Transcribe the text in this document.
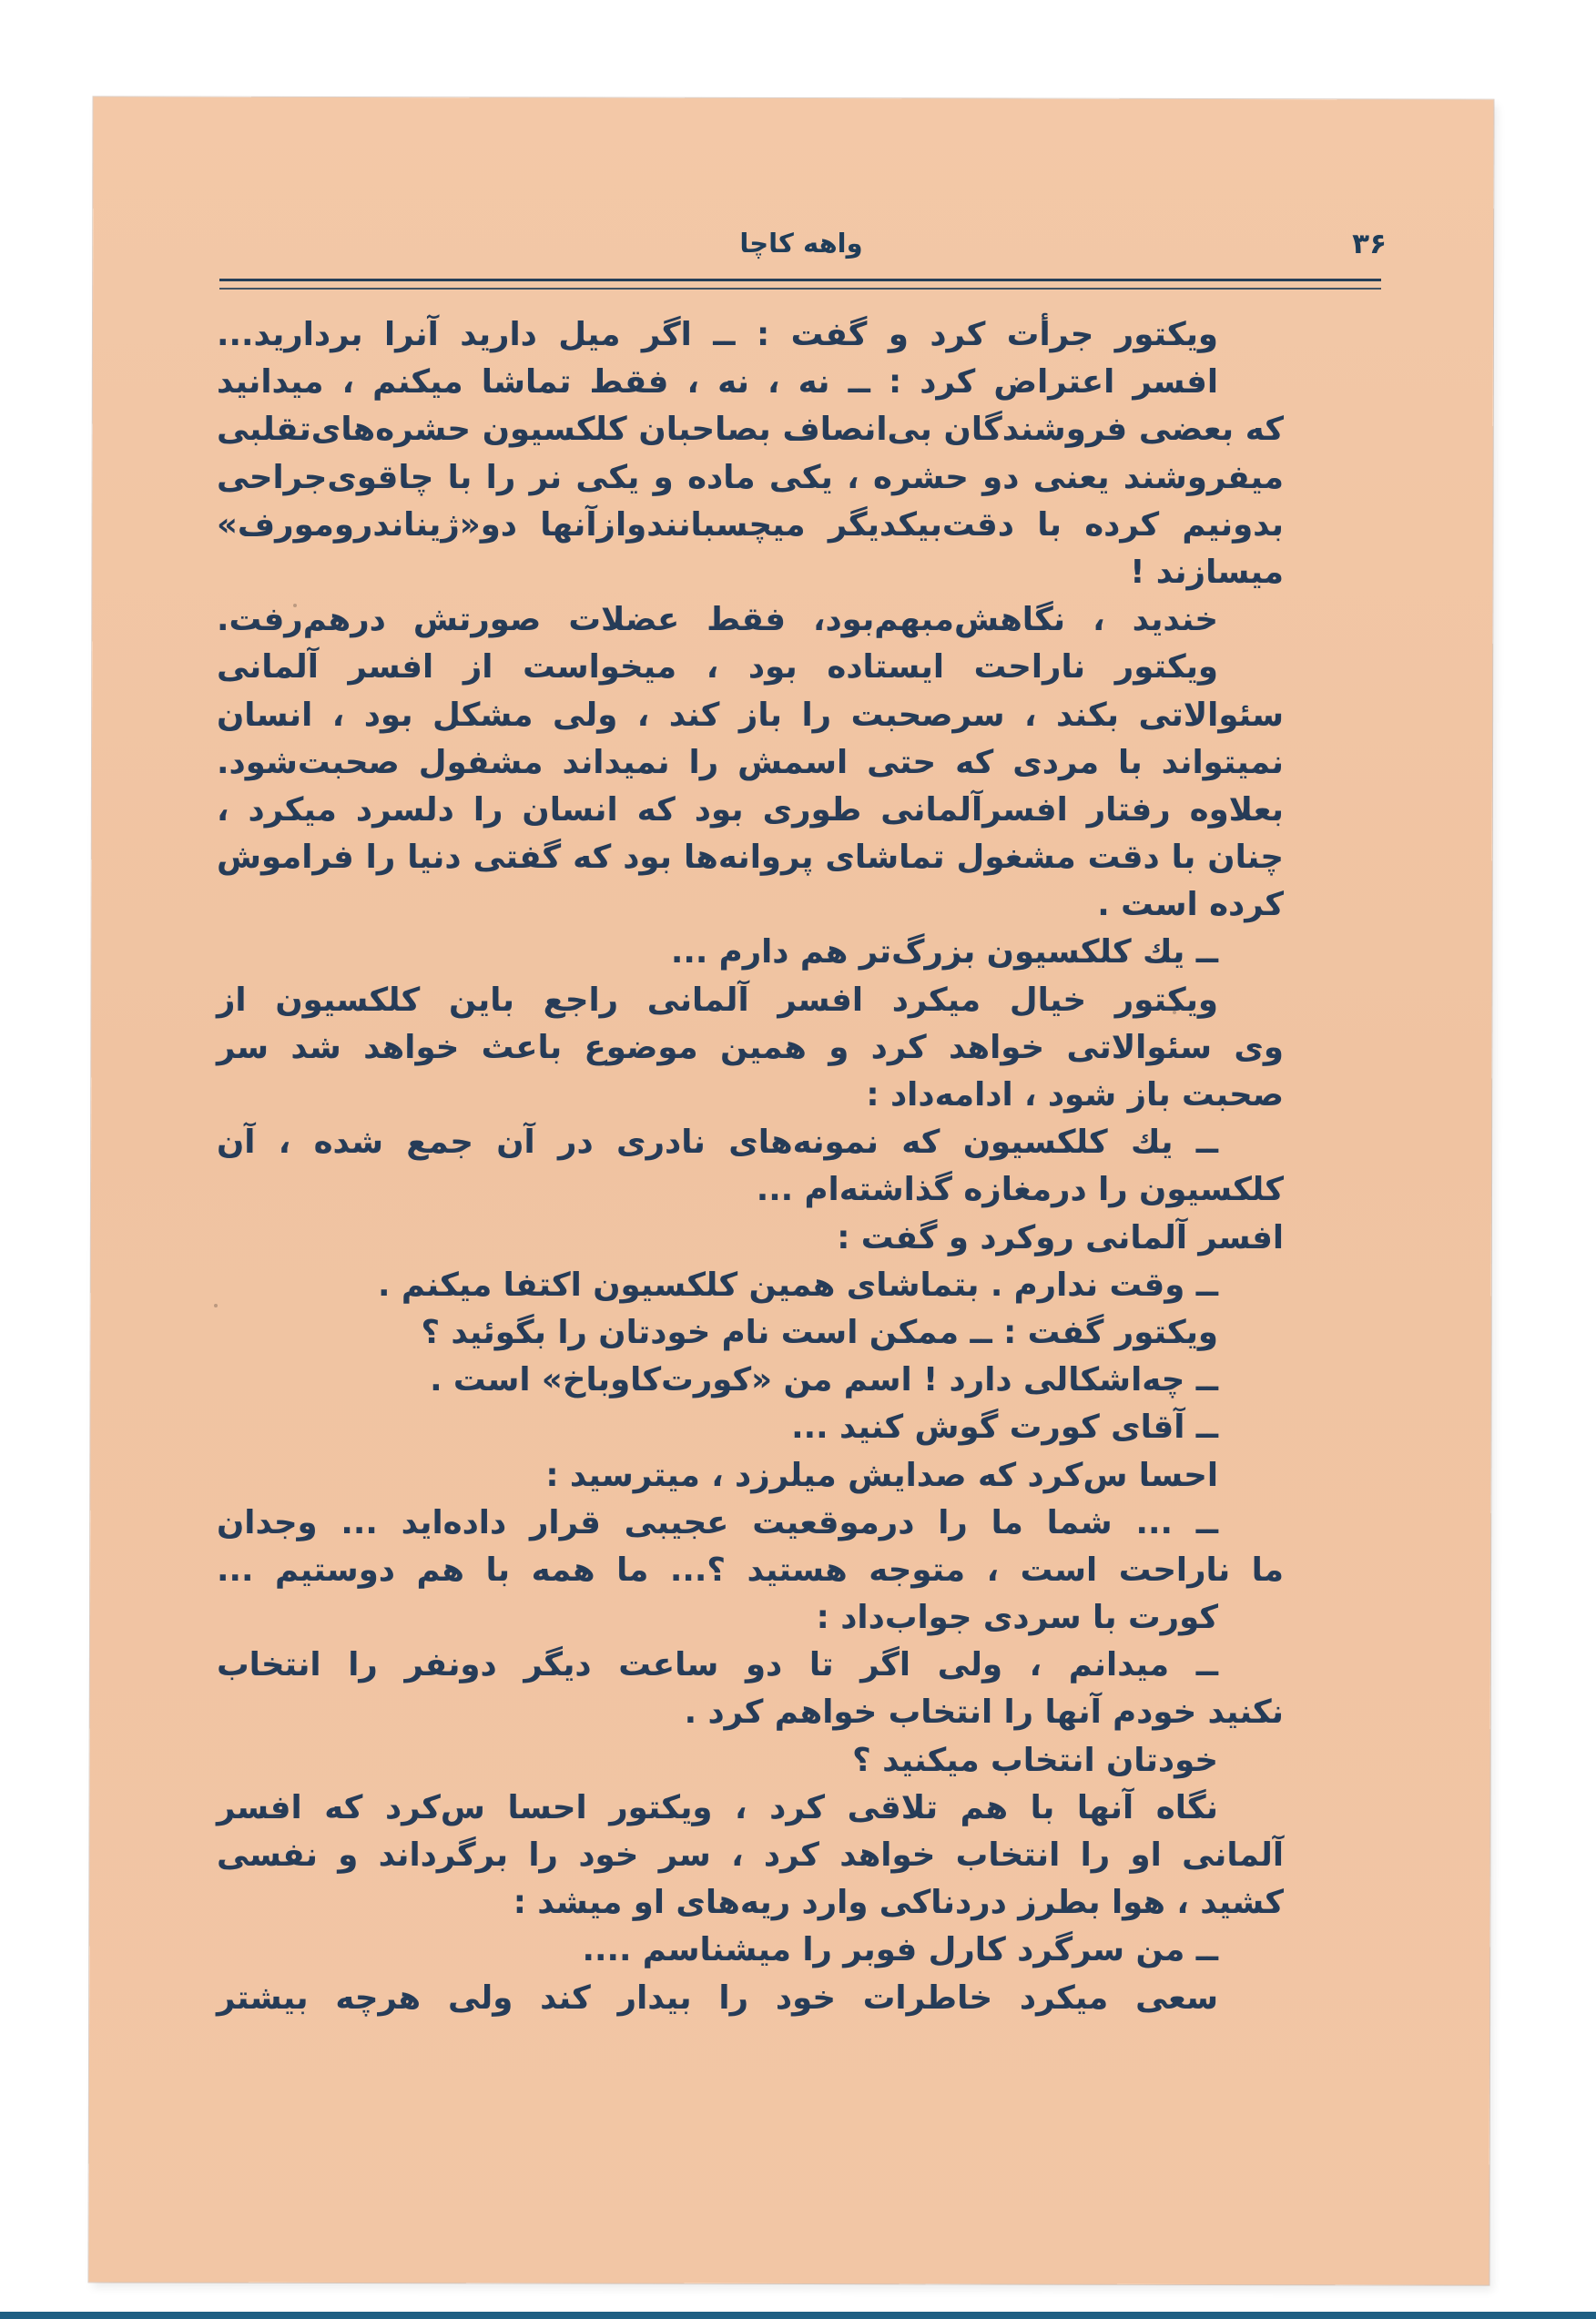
۳۶
واهه کاچا
ویکتور جرأت کرد و گفت : ــ اگر میل دارید آنرا بردارید...
افسر اعتراض کرد : ــ نه ، نه ، فقط تماشا میکنم ، میدانید
که بعضی فروشندگان بی‌انصاف بصاحبان کلکسیون حشره‌های‌تقلبی
میفروشند یعنی دو حشره ، یکی ماده و یکی نر را با چاقوی‌جراحی
بدونیم کرده با دقت‌بیکدیگر میچسبانندوازآنها دو«ژیناندرومورف»
میسازند !
خندید ، نگاهش‌مبهم‌بود، فقط عضلات صورتش درهم‌رفت.
ویکتور ناراحت ایستاده بود ، میخواست از افسر آلمانی
سئوالاتی بکند ، سرصحبت را باز کند ، ولی مشکل بود ، انسان
نمیتواند با مردی که حتی اسمش را نمیداند مشفول صحبت‌شود.
بعلاوه رفتار افسرآلمانی طوری بود که انسان را دلسرد میکرد ،
چنان با دقت مشغول تماشای پروانه‌ها بود که گفتی دنیا را فراموش
کرده است .
ــ یك کلکسیون بزرگ‌تر هم دارم ...
ویکتور خیال میکرد افسر آلمانی راجع باین کلکسیون از
وی سئوالاتی خواهد کرد و همین موضوع باعث خواهد شد سر
صحبت باز شود ، ادامه‌داد :
ــ یك کلکسیون که نمونه‌های نادری در آن جمع شده ، آن
کلکسیون را درمغازه گذاشته‌ام ...
افسر آلمانی روکرد و گفت :
ــ وقت ندارم . بتماشای همین کلکسیون اکتفا میکنم .
ویکتور گفت : ــ ممکن است نام خودتان را بگوئید ؟
ــ چه‌اشکالی دارد ! اسم من «کورت‌کاوباخ» است .
ــ آقای کورت گوش کنید ...
احسا س‌کرد که صدایش میلرزد ، میترسید :
ــ ... شما ما را درموقعیت عجیبی قرار داده‌اید ... وجدان
ما ناراحت است ، متوجه هستید ؟... ما همه با هم دوستیم ...
کورت با سردی جواب‌داد :
ــ میدانم ، ولی اگر تا دو ساعت دیگر دونفر را انتخاب
نکنید خودم آنها را انتخاب خواهم کرد .
خودتان انتخاب میکنید ؟
نگاه آنها با هم تلاقی کرد ، ویکتور احسا س‌کرد که افسر
آلمانی او را انتخاب خواهد کرد ، سر خود را برگرداند و نفسی
کشید ، هوا بطرز دردناکی وارد ریه‌های او میشد :
ــ من سرگرد کارل فوبر را میشناسم ....
سعی میکرد خاطرات خود را بیدار کند ولی هرچه بیشتر
